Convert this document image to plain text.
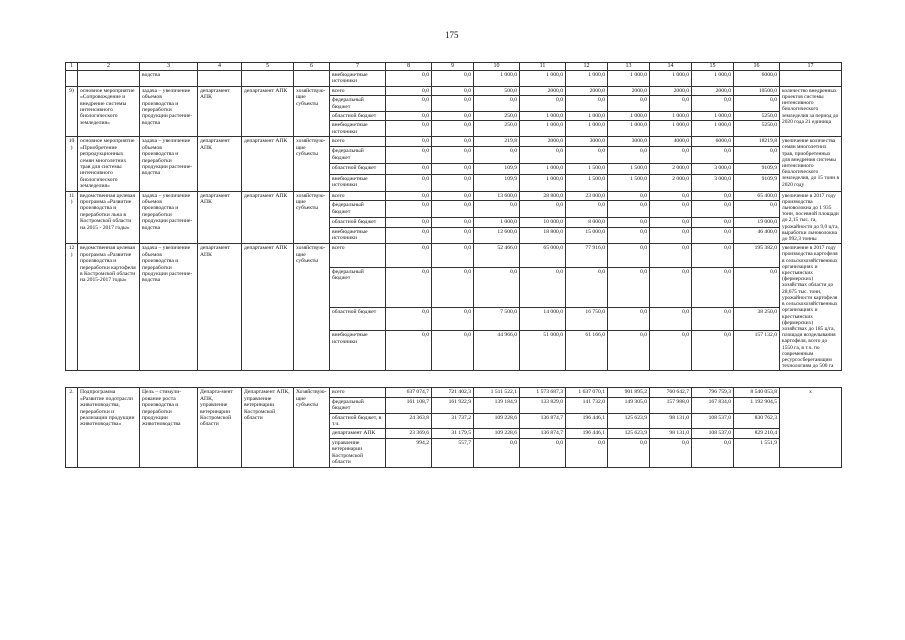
175
1	2	3	4	5	6	7	8	9	10	11	12	13	14	15	16	17
		водства				внебюджетные источники	0,0	0,0	1 000,0	1 000,0	1 000,0	1 000,0	1 000,0	1 000,0	6000,0	
9)	основное мероприятие «Сопровождение и внедрение системы интенсивного биологического земледелия»	задача – увеличение объемов производства и переработки продукции растение-водства	департамент АПК	департамент АПК	хозяйствую-щие субъекты	всего	0,0	0,0	500,0	2000,0	2000,0	2000,0	2000,0	2000,0	10500,0	количество внедренных проектов системы интенсивного биологического земледелия за период до 2020 года 21 единица
						федеральный бюджет	0,0	0,0	0,0	0,0	0,0	0,0	0,0	0,0	0,0	
						областной бюджет	0,0	0,0	250,0	1 000,0	1 000,0	1 000,0	1 000,0	1 000,0	5250,0	
						внебюджетные источники	0,0	0,0	250,0	1 000,0	1 000,0	1 000,0	1 000,0	1 000,0	5250,0	
10)	основное мероприятие «Приобретение репродукционных семян многолетних трав для системы интенсивного биологического земледелия»	задача – увеличение объемов производства и переработки продукции растение-водства	департамент АПК	департамент АПК	хозяйствую-щие субъекты	всего	0,0	0,0	219,8	2000,0	3000,0	3000,0	4000,0	6000,0	18219,8	увеличение количества семян многолетних трав, приобретенных для внедрения системы интенсивного биологического земледелия, до 15 тонн в 2020 году
						федеральный бюджет	0,0	0,0	0,0	0,0	0,0	0,0	0,0	0,0	0,0	
						областной бюджет	0,0	0,0	109,9	1 000,0	1 500,0	1 500,0	2 000,0	3 000,0	9109,9	
						внебюджетные источники	0,0	0,0	109,9	1 000,0	1 500,0	1 500,0	2 000,0	3 000,0	9109,9	
11)	ведомственная целевая программа «Развитие производства и переработки льна в Костромской области на 2015 - 2017 годы»	задача – увеличение объемов производства и переработки продукции растение-водства	департамент АПК	департамент АПК	хозяйствую-щие субъекты	всего	0,0	0,0	13 600,0	28 800,0	23 000,0	0,0	0,0	0,0	65 400,0	увеличение в 2017 году производства льноволокна до 1 935 тонн, посевной площади до 2,15 тыс. га, урожайности до 9,0 ц/га, выработки льноволокна до 992,3 тонны
						федеральный бюджет	0,0	0,0	0,0	0,0	0,0	0,0	0,0	0,0	0,0	
						областной бюджет	0,0	0,0	1 000,0	10 000,0	8 000,0	0,0	0,0	0,0	19 000,0	
						внебюджетные источники	0,0	0,0	12 600,0	18 800,0	15 000,0	0,0	0,0	0,0	46 400,0	
12)	ведомственная целевая программа «Развитие производства и переработки картофеля в Костромской области на 2015-2017 годы»	задача – увеличение объемов производства и переработки продукции растение-водства	департамент АПК	департамент АПК	хозяйствую-щие субъекты	всего	0,0	0,0	52 466,0	65 000,0	77 916,0	0,0	0,0	0,0	195 382,0	увеличение в 2017 году производства картофеля в сельскохозяйственных организациях и крестьянских (фермерских) хозяйствах области до 28,675 тыс. тонн, урожайности картофеля в сельскохозяйственных организациях и крестьянских (фермерских) хозяйствах до 185 ц/га, площади возделывания картофеля, всего до 1550 га, в т.ч. по современным ресурсосберегающим технологиям до 500 га
						федеральный бюджет	0,0	0,0	0,0	0,0	0,0	0,0	0,0	0,0	0,0	
						областной бюджет	0,0	0,0	7 500,0	14 000,0	16 750,0	0,0	0,0	0,0	38 250,0	
						внебюджетные источники	0,0	0,0	44 966,0	51 000,0	61 166,0	0,0	0,0	0,0	157 132,0	

2.	Подпрограмма «Развитие подотрасли животноводства, переработки и реализации продукции животноводства»	Цель – стимули-рование роста производства и переработки продукции животноводства	Департа-мент АПК, управление ветеринарии Костромской области	Департамент АПК, управление ветеринарии Костромской области	Хозяйствую-щие субъекты	всего	637 074,7	721 402,3	1 511 522,1	1 573 687,3	1 637 070,1	901 895,2	760 642,7	796 759,3	8 540 053,8	х
						федеральный бюджет	161 108,7	161 922,9	139 184,9	133 829,0	141 732,0	149 305,0	157 988,0	167 834,0	1 192 904,5	
						областной бюджет, в т.ч.	24 363,8	31 737,2	109 228,6	136 874,7	196 446,1	125 623,9	98 131,0	108 537,0	830 762,3	
						департамент АПК	23 369,6	31 179,5	109 228,6	136 874,7	196 446,1	125 623,9	98 131,0	108 537,0	829 210,4	
						управление ветеринарии Костромской области	994,2	557,7	0,0	0,0	0,0	0,0	0,0	0,0	1 551,9	
